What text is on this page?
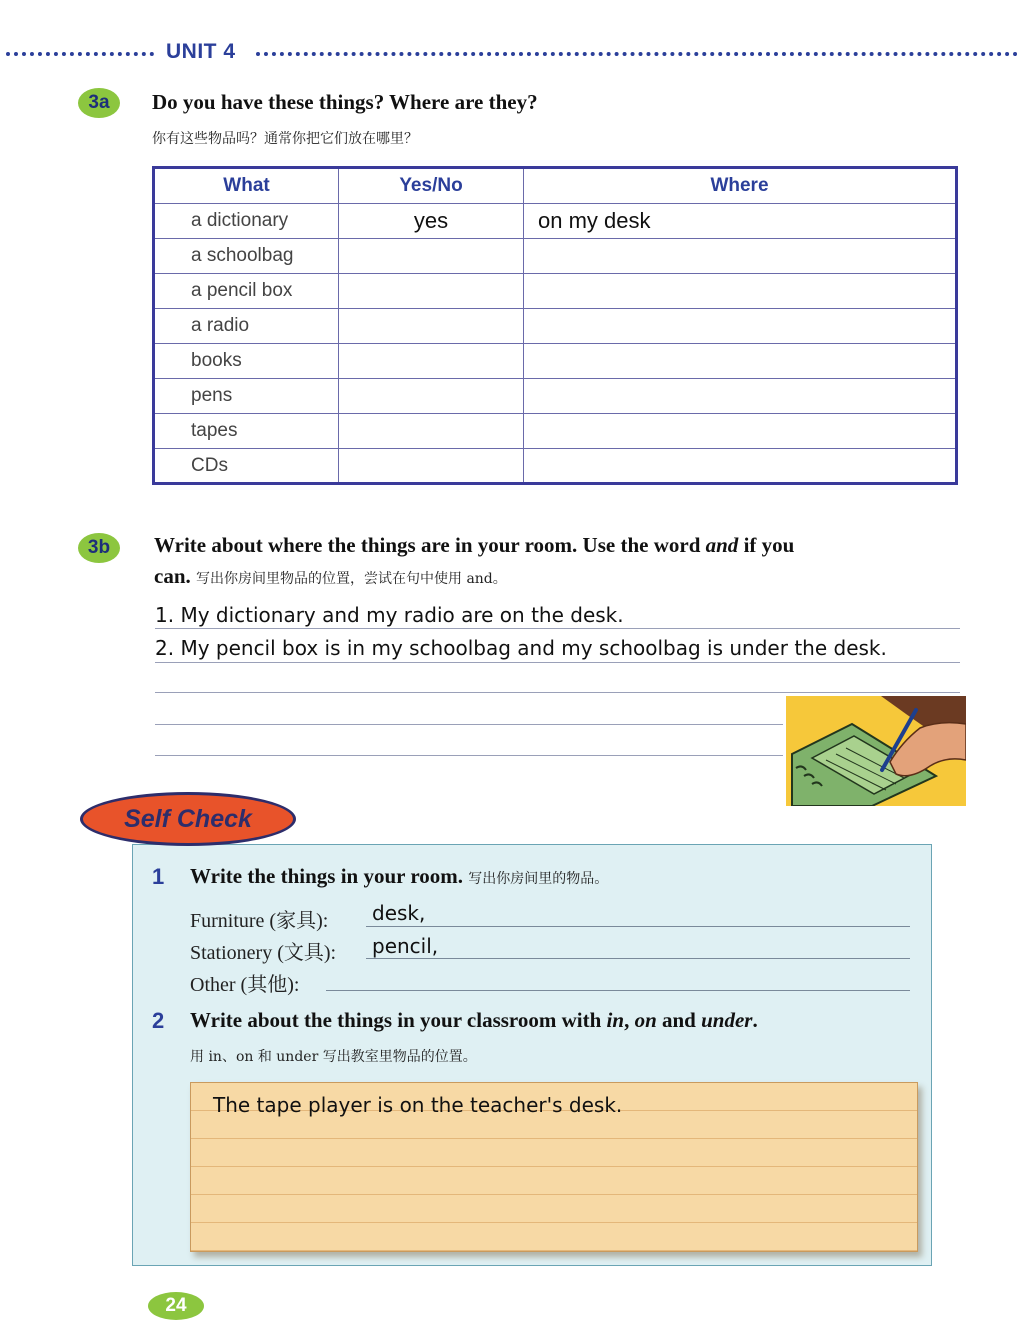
UNIT 4
3a	Do you have these things? Where are they?
你有这些物品吗？通常你把它们放在哪里？
What	Yes/No	Where
a dictionary	yes	on my desk
a schoolbag		
a pencil box		
a radio		
books		
pens		
tapes		
CDs		
3b	Write about where the things are in your room. Use the word and if you
can. 写出你房间里物品的位置，尝试在句中使用 and。
1. My dictionary and my radio are on the desk.
2. My pencil box is in my schoolbag and my schoolbag is under the desk.
Self Check
1 Write the things in your room. 写出你房间里的物品。
Furniture (家具): desk,
Stationery (文具): pencil,
Other (其他):
2 Write about the things in your classroom with in, on and under.
用 in、on 和 under 写出教室里物品的位置。
The tape player is on the teacher's desk.
24
